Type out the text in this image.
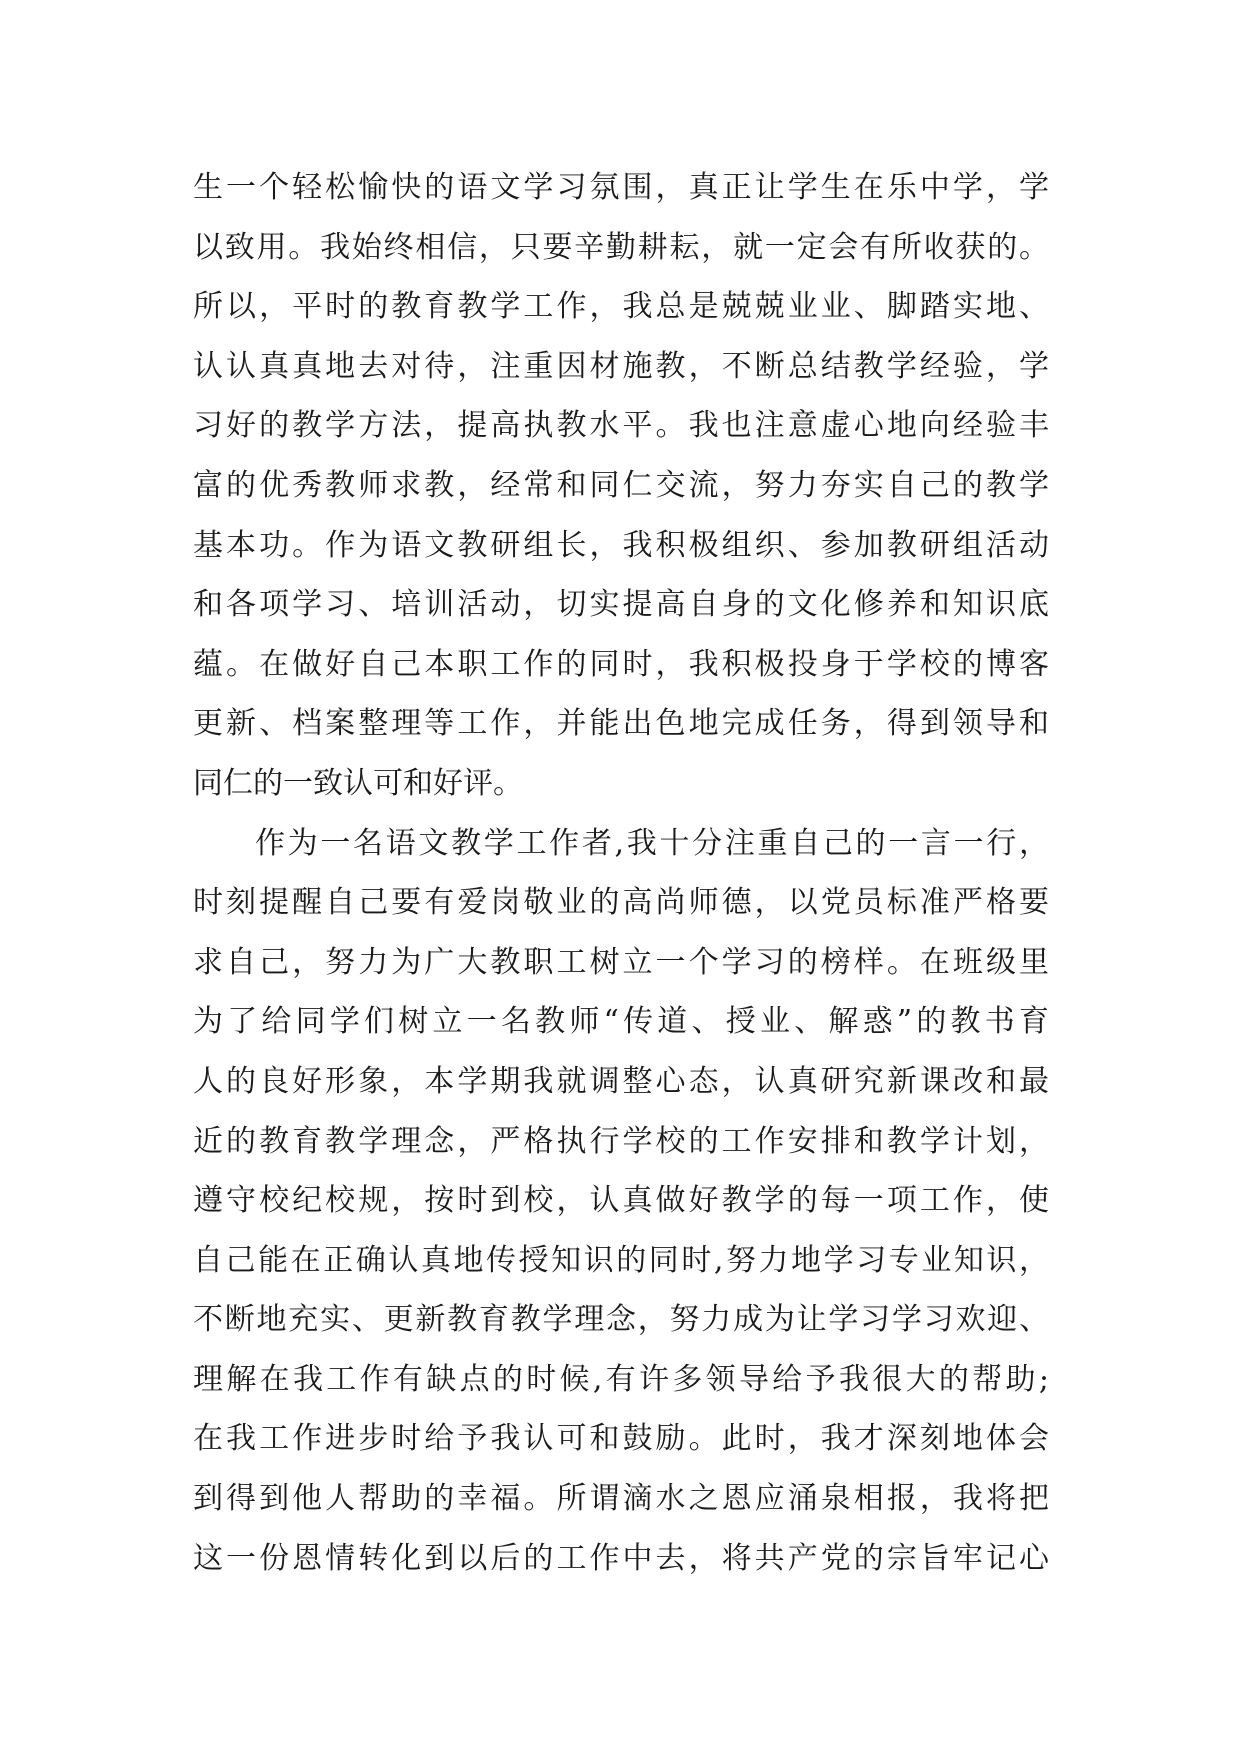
生一个轻松愉快的语文学习氛围，真正让学生在乐中学，学
以致用。我始终相信，只要辛勤耕耘，就一定会有所收获的。
所以，平时的教育教学工作，我总是兢兢业业、脚踏实地、
认认真真地去对待，注重因材施教，不断总结教学经验，学
习好的教学方法，提高执教水平。我也注意虚心地向经验丰
富的优秀教师求教，经常和同仁交流，努力夯实自己的教学
基本功。作为语文教研组长，我积极组织、参加教研组活动
和各项学习、培训活动，切实提高自身的文化修养和知识底
蕴。在做好自己本职工作的同时，我积极投身于学校的博客
更新、档案整理等工作，并能出色地完成任务，得到领导和
同仁的一致认可和好评。
作为一名语文教学工作者,我十分注重自己的一言一行，
时刻提醒自己要有爱岗敬业的高尚师德，以党员标准严格要
求自己，努力为广大教职工树立一个学习的榜样。在班级里
为了给同学们树立一名教师“传道、授业、解惑”的教书育
人的良好形象，本学期我就调整心态，认真研究新课改和最
近的教育教学理念，严格执行学校的工作安排和教学计划，
遵守校纪校规，按时到校，认真做好教学的每一项工作，使
自己能在正确认真地传授知识的同时,努力地学习专业知识，
不断地充实、更新教育教学理念，努力成为让学习学习欢迎、
理解在我工作有缺点的时候,有许多领导给予我很大的帮助;
在我工作进步时给予我认可和鼓励。此时，我才深刻地体会
到得到他人帮助的幸福。所谓滴水之恩应涌泉相报，我将把
这一份恩情转化到以后的工作中去，将共产党的宗旨牢记心
